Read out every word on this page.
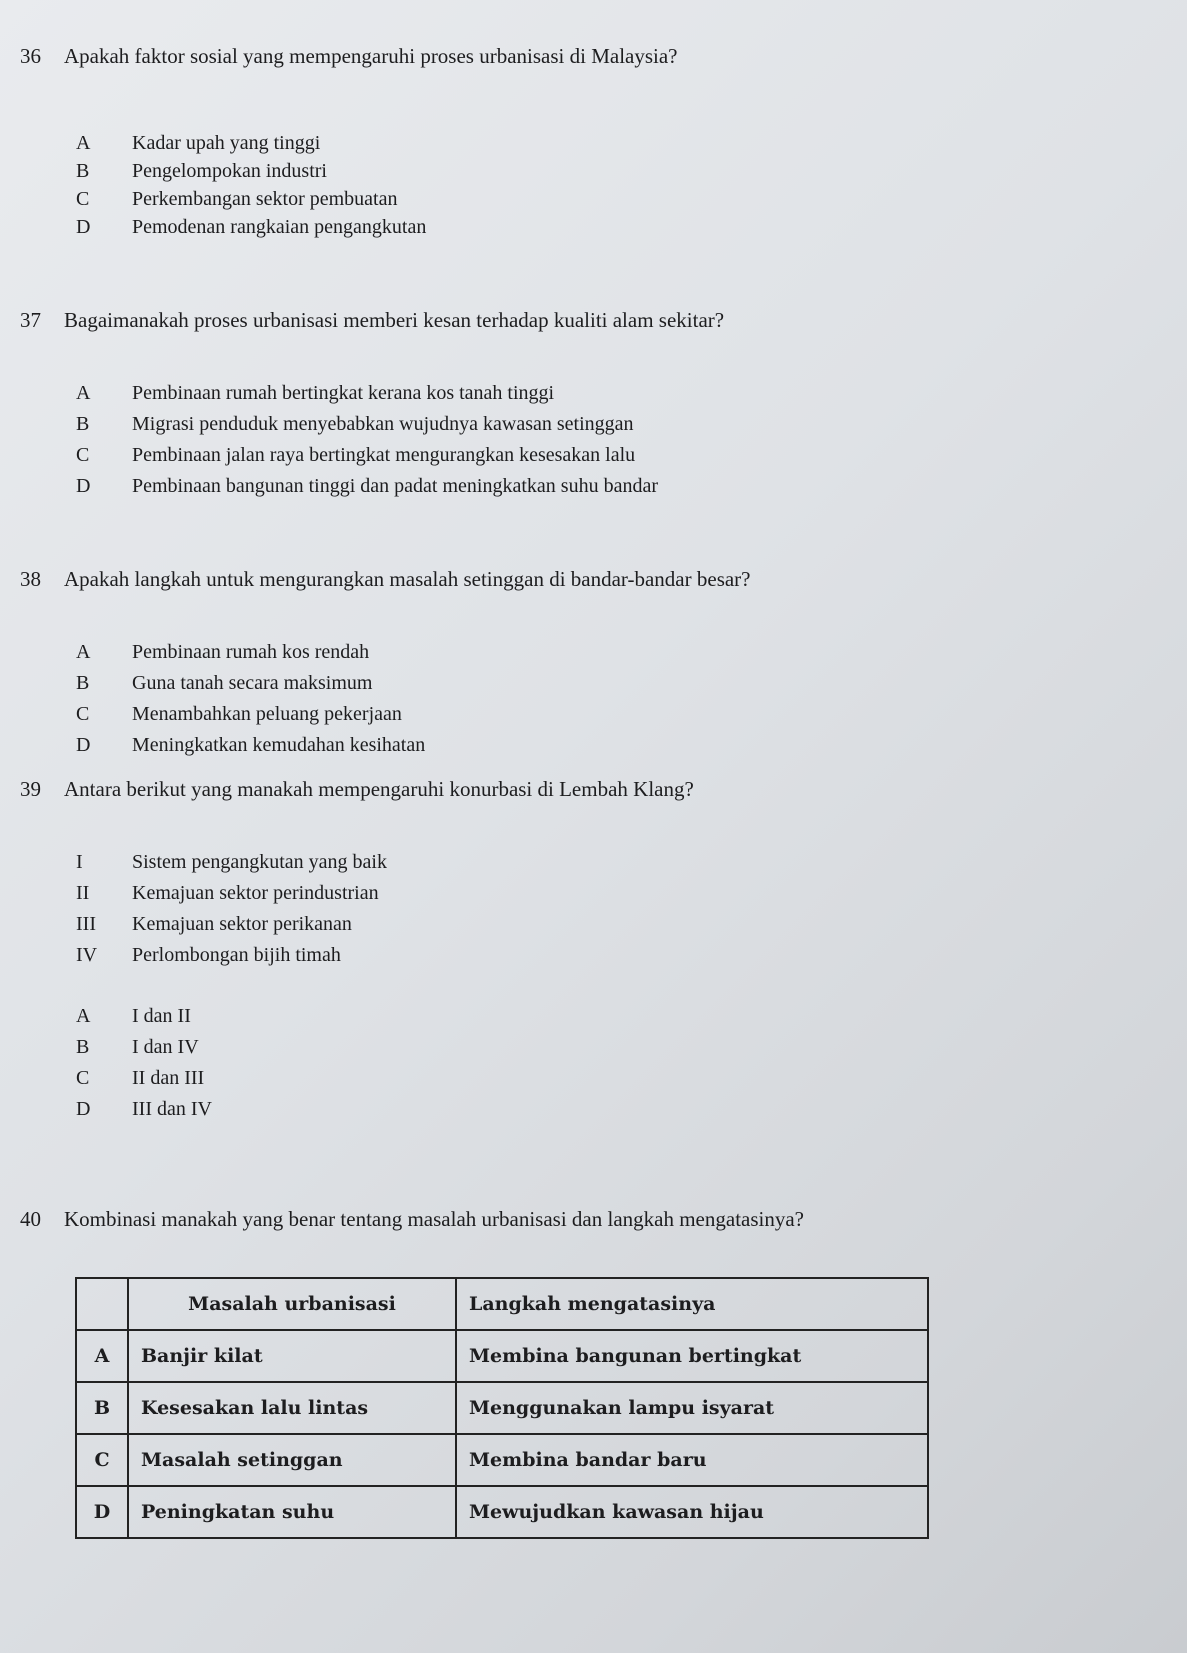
36	Apakah faktor sosial yang mempengaruhi proses urbanisasi di Malaysia?
A	Kadar upah yang tinggi
B	Pengelompokan industri
C	Perkembangan sektor pembuatan
D	Pemodenan rangkaian pengangkutan
37	Bagaimanakah proses urbanisasi memberi kesan terhadap kualiti alam sekitar?
A	Pembinaan rumah bertingkat kerana kos tanah tinggi
B	Migrasi penduduk menyebabkan wujudnya kawasan setinggan
C	Pembinaan jalan raya bertingkat mengurangkan kesesakan lalu
D	Pembinaan bangunan tinggi dan padat meningkatkan suhu bandar
38	Apakah langkah untuk mengurangkan masalah setinggan di bandar-bandar besar?
A	Pembinaan rumah kos rendah
B	Guna tanah secara maksimum
C	Menambahkan peluang pekerjaan
D	Meningkatkan kemudahan kesihatan
39	Antara berikut yang manakah mempengaruhi konurbasi di Lembah Klang?
I	Sistem pengangkutan yang baik
II	Kemajuan sektor perindustrian
III	Kemajuan sektor perikanan
IV	Perlombongan bijih timah
A	I dan II
B	I dan IV
C	II dan III
D	III dan IV
40	Kombinasi manakah yang benar tentang masalah urbanisasi dan langkah mengatasinya?
	Masalah urbanisasi	Langkah mengatasinya
A	Banjir kilat	Membina bangunan bertingkat
B	Kesesakan lalu lintas	Menggunakan lampu isyarat
C	Masalah setinggan	Membina bandar baru
D	Peningkatan suhu	Mewujudkan kawasan hijau
